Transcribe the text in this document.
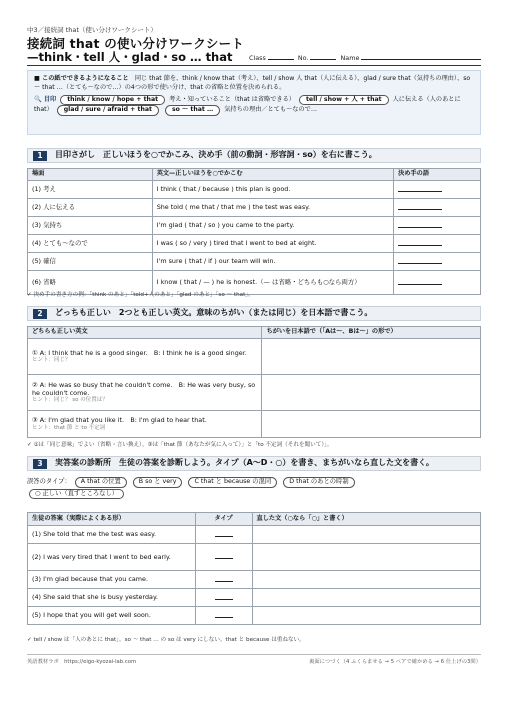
中3／接続詞 that（使い分けワークシート）
接続詞 that の使い分けワークシート
—think・tell 人・glad・so … that	Class	No.	Name
■ この紙でできるようになること　 同じ that 節を、think / know that（考え）、tell / show 人 that（人に伝える）、glad / sure that（気持ちの理由）、so 〜 that …（とても〜なので…）の4つの形で使い分け、that の省略と位置を決められる。
🔍 目印 think / know / hope + that 考え・知っていること（that は省略できる） tell / show + 人 + that 人に伝える（人のあとに that） glad / sure / afraid + that	so 〜 that … 気持ちの理由／とても〜なので…
1	目印さがし　正しいほうを○でかこみ、決め手（前の動詞・形容詞・so）を右に書こう。
場面	英文—正しいほうを○でかこむ	決め手の語
(1) 考え	I think ( that / because ) this plan is good.	
(2) 人に伝える	She told ( me that / that me ) the test was easy.	
(3) 気持ち	I'm glad ( that / so ) you came to the party.	
(4) とても〜なので	I was ( so / very ) tired that I went to bed at eight.	
(5) 確信	I'm sure ( that / if ) our team will win.	
(6) 省略	I know ( that / — ) he is honest.（— は省略・どちらも○なら両方）	
✓ 決め手の書き方の例：「think のあと」「told+人のあと」「glad のあと」「so 〜 that」。
2	どっちも正しい　2つとも正しい英文。意味のちがい（または同じ）を日本語で書こう。
どちらも正しい英文	ちがいを日本語で（「Aは〜、Bは〜」の形で）
① A: I think that he is a good singer.　B: I think he is a good singer.
ヒント：同じ？	

② A: He was so busy that he couldn't come.　B: He was very busy, so he couldn't come.
ヒント：同じ？ so の位置は？	

③ A: I'm glad that you like it.　B: I'm glad to hear that.
ヒント：that 節 と to 不定詞	

✓ ①は「同じ意味」でよい（省略・言い換え）。③は「that 節（あなたが気に入って）」と「to 不定詞（それを聞いて）」。
3	実答案の診断所　生徒の答案を診断しよう。タイプ（A〜D・○）を書き、まちがいなら直した文を書く。
誤答のタイプ： A that の位置	B so と very	C that と because の混同	D that のあとの時制
○ 正しい（直すところなし）
生徒の答案（実際によくある形）	タイプ	直した文（○なら「○」と書く）
(1) She told that me the test was easy.		
(2) I was very tired that I went to bed early.		
(3) I'm glad because that you came.		
(4) She said that she is busy yesterday.		
(5) I hope that you will get well soon.		
✓ tell / show は「人のあとに that」。so 〜 that … の so は very にしない。that と because は重ねない。
英語教材ラボ　https://eigo-kyozai-lab.com	裏面につづく（4 ふくらませる → 5 ペアで確かめる → 6 仕上げの3問）
